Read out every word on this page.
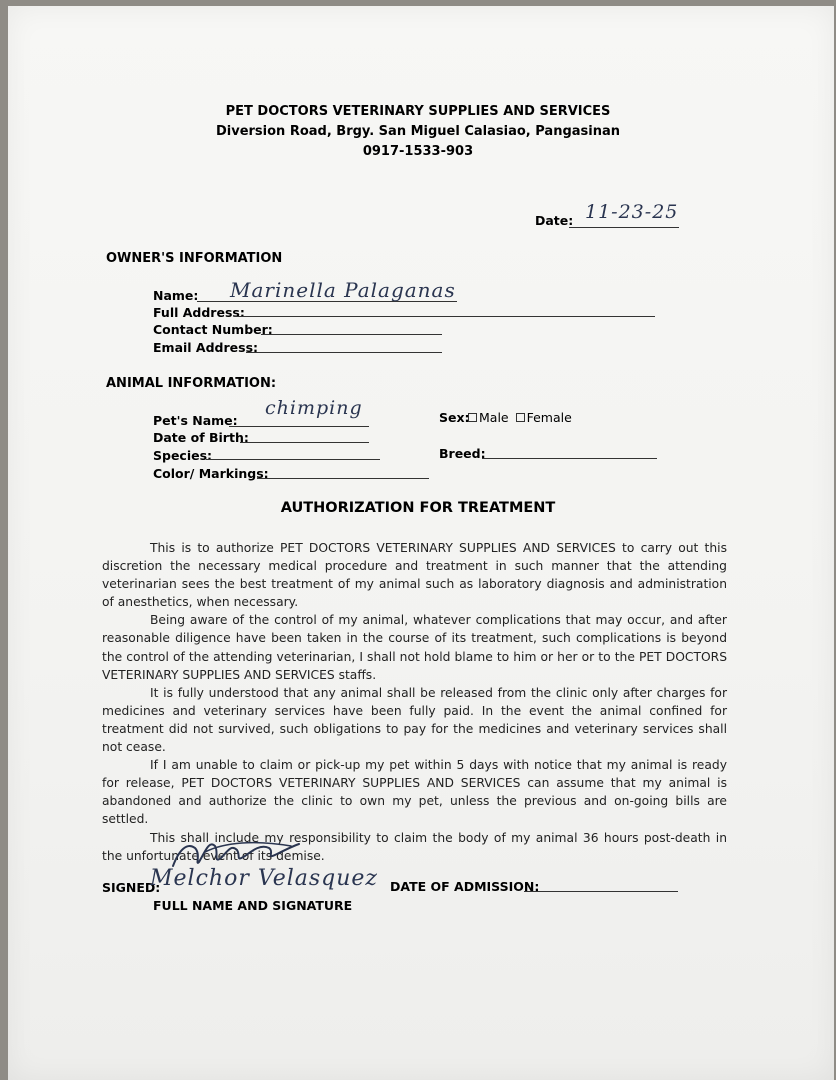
PET DOCTORS VETERINARY SUPPLIES AND SERVICES
Diversion Road, Brgy. San Miguel Calasiao, Pangasinan
0917-1533-903
Date: 11-23-25
OWNER'S INFORMATION
Name: Marinella Palaganas
Full Address:
Contact Number:
Email Address:
ANIMAL INFORMATION:
Pet's Name:
chimping
Date of Birth:
Species:
Color/ Markings:
Sex: Male Female
Breed:
AUTHORIZATION FOR TREATMENT

This is to authorize PET DOCTORS VETERINARY SUPPLIES AND SERVICES to carry out this discretion the necessary medical procedure and treatment in such manner that the attending veterinarian sees the best treatment of my animal such as laboratory diagnosis and administration of anesthetics, when necessary.

Being aware of the control of my animal, whatever complications that may occur, and after reasonable diligence have been taken in the course of its treatment, such complications is beyond the control of the attending veterinarian, I shall not hold blame to him or her or to the PET DOCTORS VETERINARY SUPPLIES AND SERVICES staffs.

It is fully understood that any animal shall be released from the clinic only after charges for medicines and veterinary services have been fully paid. In the event the animal confined for treatment did not survived, such obligations to pay for the medicines and veterinary services shall not cease.

If I am unable to claim or pick-up my pet within 5 days with notice that my animal is ready for release, PET DOCTORS VETERINARY SUPPLIES AND SERVICES can assume that my animal is abandoned and authorize the clinic to own my pet, unless the previous and on-going bills are settled.

This shall include my responsibility to claim the body of my animal 36 hours post-death in the unfortunate event of its demise.

SIGNED:
Melchor Velasquez
FULL NAME AND SIGNATURE
DATE OF ADMISSION:
